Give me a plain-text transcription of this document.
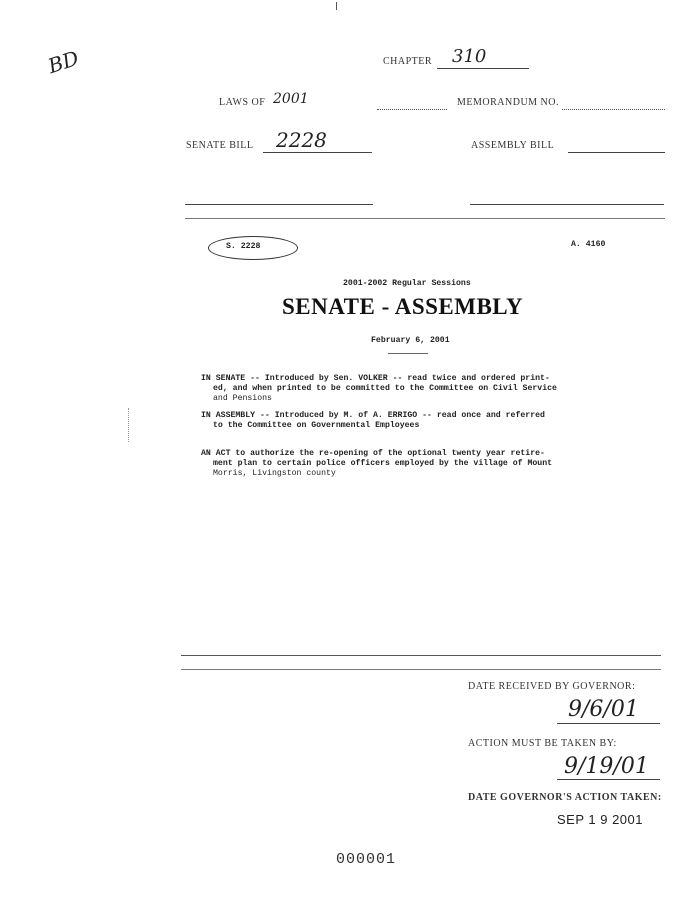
BD	CHAPTER 310
LAWS OF 2001	MEMORANDUM NO.
SENATE BILL 2228	ASSEMBLY BILL
S. 2228	A. 4160
2001-2002 Regular Sessions
SENATE - ASSEMBLY
February 6, 2001
IN SENATE -- Introduced by Sen. VOLKER -- read twice and ordered print-
ed, and when printed to be committed to the Committee on Civil Service
and Pensions
IN ASSEMBLY -- Introduced by M. of A. ERRIGO -- read once and referred
to the Committee on Governmental Employees
AN ACT to authorize the re-opening of the optional twenty year retire-
ment plan to certain police officers employed by the village of Mount
Morris, Livingston county
DATE RECEIVED BY GOVERNOR:
9/6/01
ACTION MUST BE TAKEN BY:
9/19/01
DATE GOVERNOR'S ACTION TAKEN:
SEP 1 9 2001
000001
